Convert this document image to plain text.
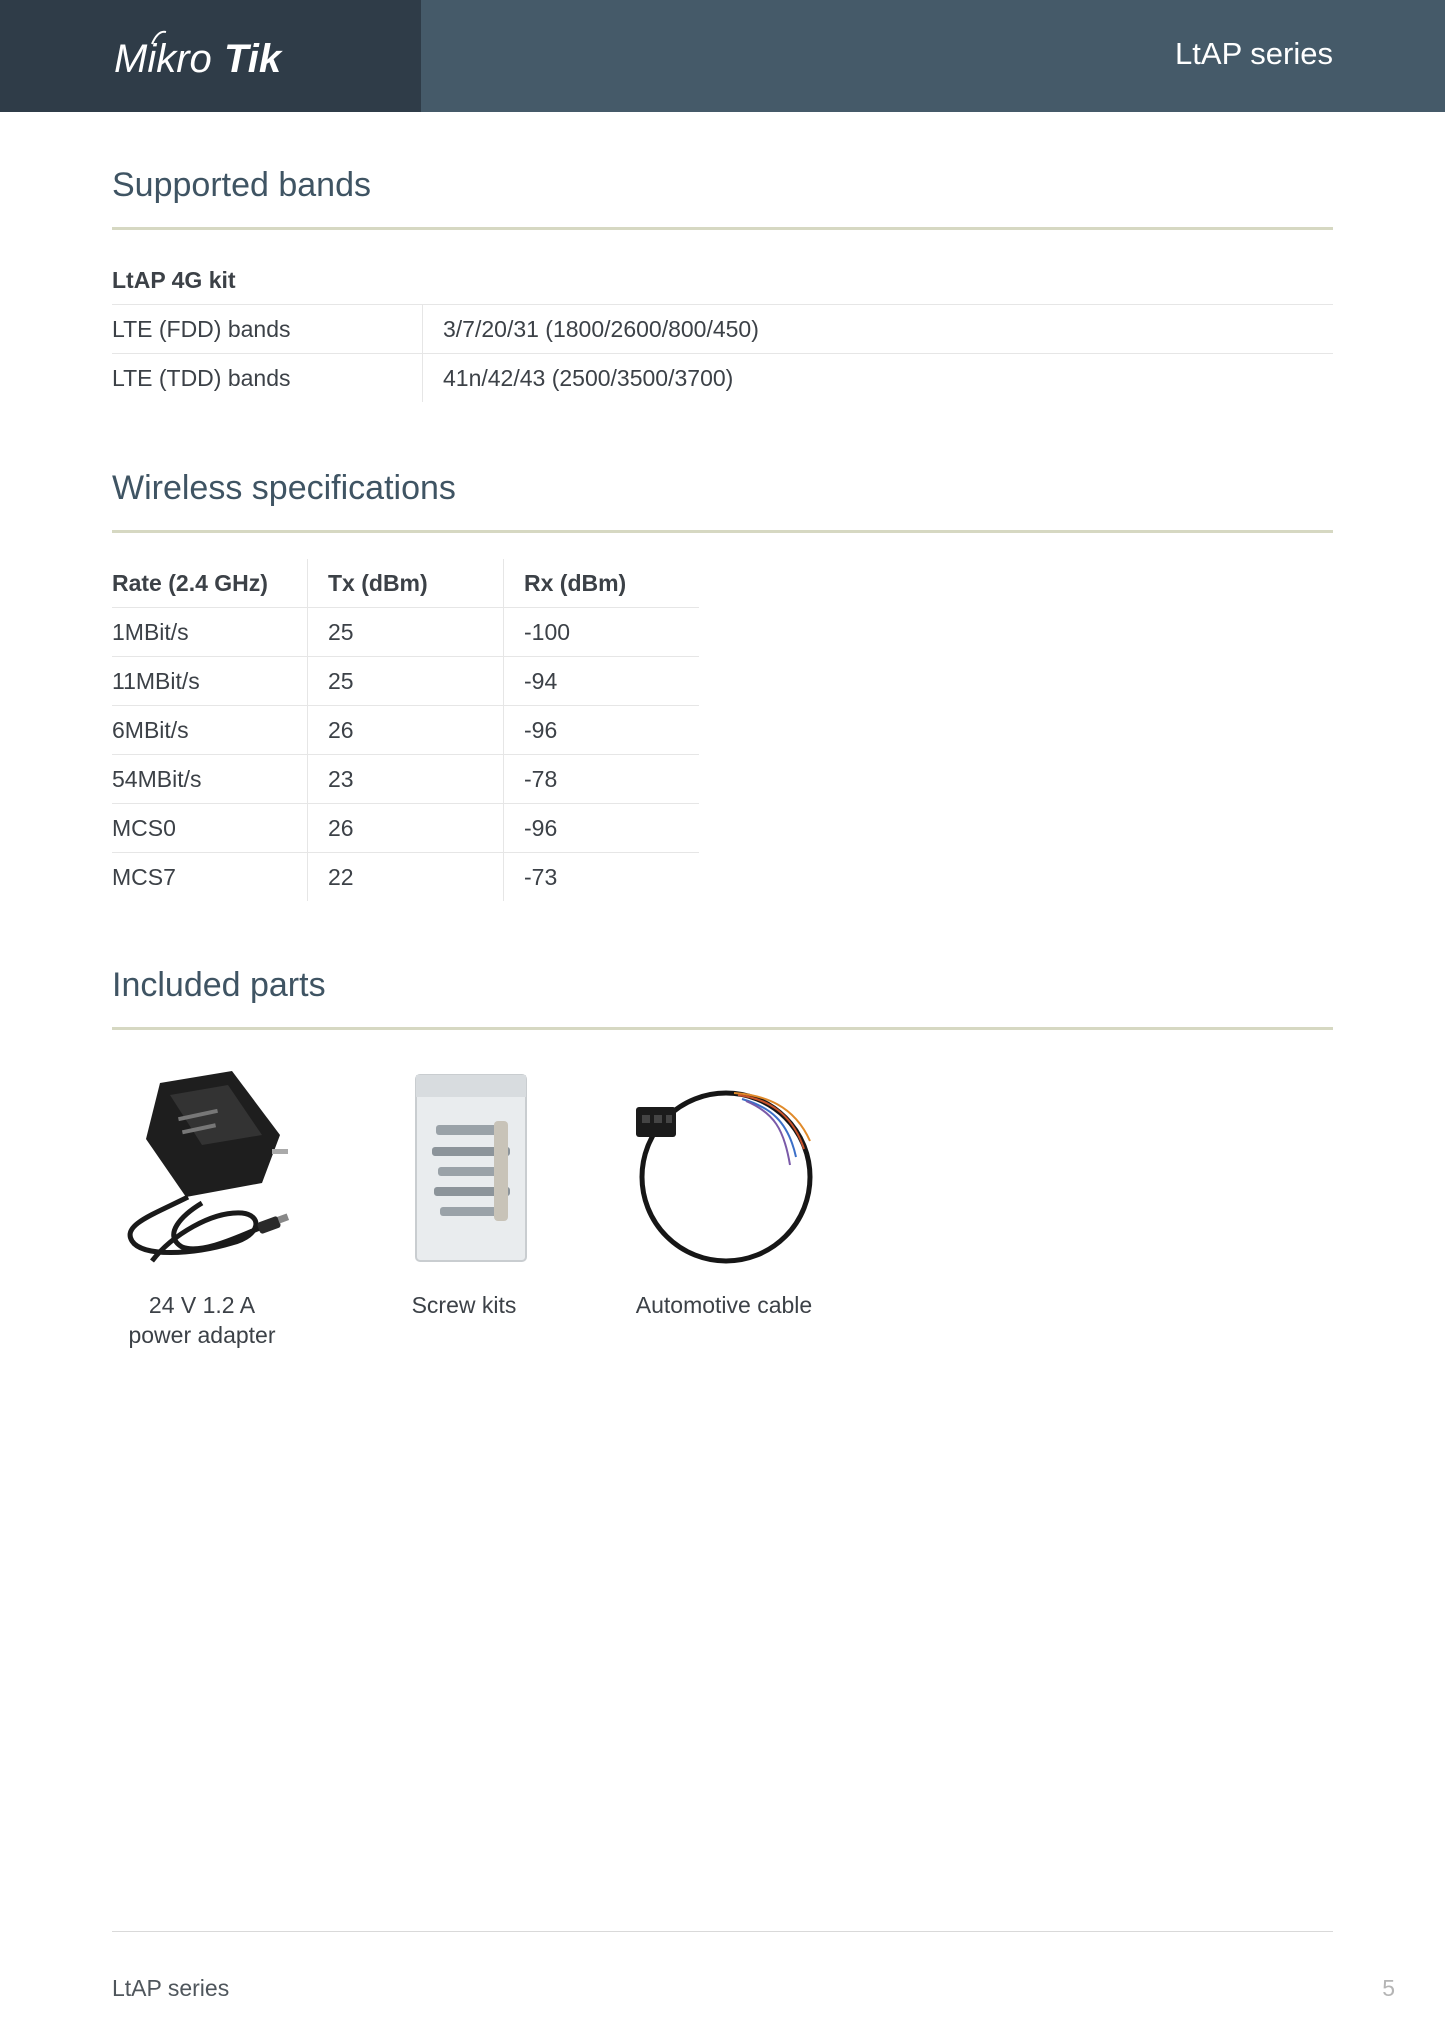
Mikro Tik	LtAP series
Supported bands
LtAP 4G kit	
LTE (FDD) bands	3/7/20/31 (1800/2600/800/450)
LTE (TDD) bands	41n/42/43 (2500/3500/3700)
Wireless specifications
Rate (2.4 GHz)	Tx (dBm)	Rx (dBm)
1MBit/s	25	-100
11MBit/s	25	-94
6MBit/s	26	-96
54MBit/s	23	-78
MCS0	26	-96
MCS7	22	-73
Included parts
24 V 1.2 A
power adapter
Screw kits	Automotive cable
LtAP series	5
